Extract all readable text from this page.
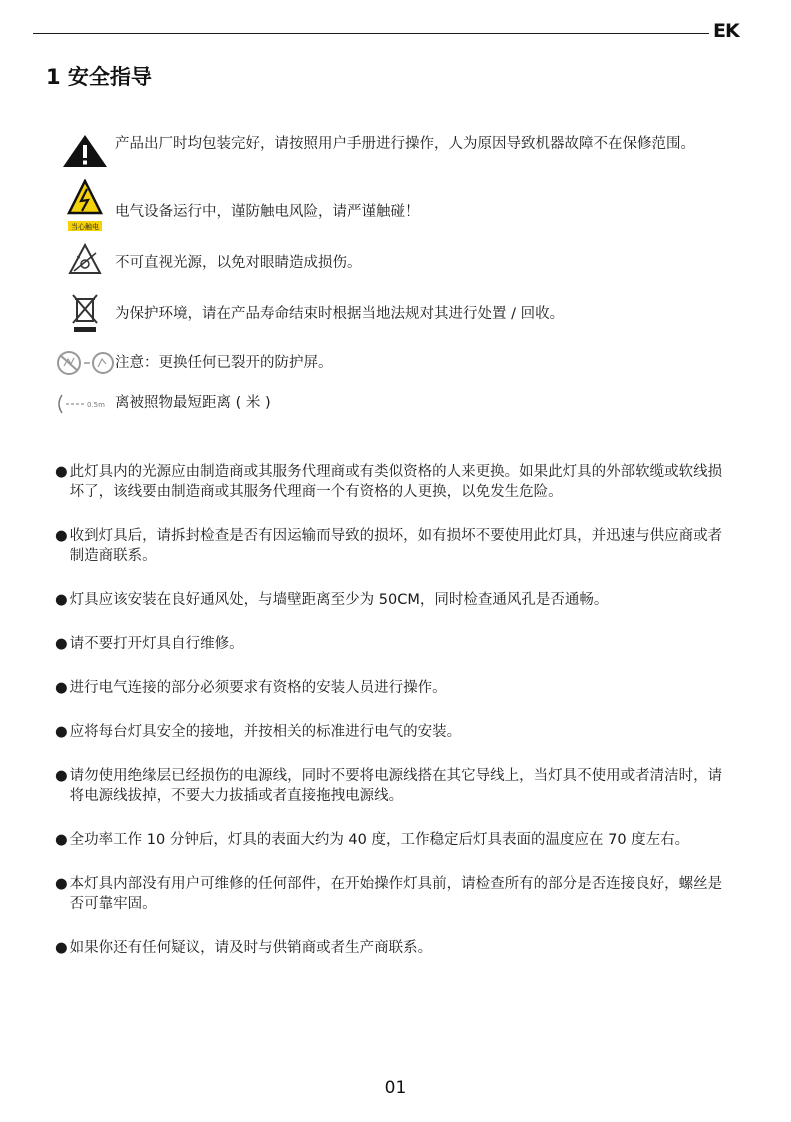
EK
1 安全指导
产品出厂时均包装完好，请按照用户手册进行操作，人为原因导致机器故障不在保修范围。
当心触电
电气设备运行中，谨防触电风险，请严谨触碰！
不可直视光源，以免对眼睛造成损伤。
为保护环境，请在产品寿命结束时根据当地法规对其进行处置 / 回收。
注意：更换任何已裂开的防护屏。
0.5m 离被照物最短距离 ( 米 )

● 此灯具内的光源应由制造商或其服务代理商或有类似资格的人来更换。如果此灯具的外部软缆或软线损坏了，该线要由制造商或其服务代理商一个有资格的人更换，以免发生危险。

● 收到灯具后，请拆封检查是否有因运输而导致的损坏，如有损坏不要使用此灯具，并迅速与供应商或者制造商联系。

● 灯具应该安装在良好通风处，与墙壁距离至少为 50CM，同时检查通风孔是否通畅。

● 请不要打开灯具自行维修。

● 进行电气连接的部分必须要求有资格的安装人员进行操作。

● 应将每台灯具安全的接地，并按相关的标准进行电气的安装。

● 请勿使用绝缘层已经损伤的电源线，同时不要将电源线搭在其它导线上，当灯具不使用或者清洁时，请将电源线拔掉，不要大力拔插或者直接拖拽电源线。

● 全功率工作 10 分钟后，灯具的表面大约为 40 度，工作稳定后灯具表面的温度应在 70 度左右。

● 本灯具内部没有用户可维修的任何部件，在开始操作灯具前，请检查所有的部分是否连接良好，螺丝是否可靠牢固。

● 如果你还有任何疑议，请及时与供销商或者生产商联系。

01
